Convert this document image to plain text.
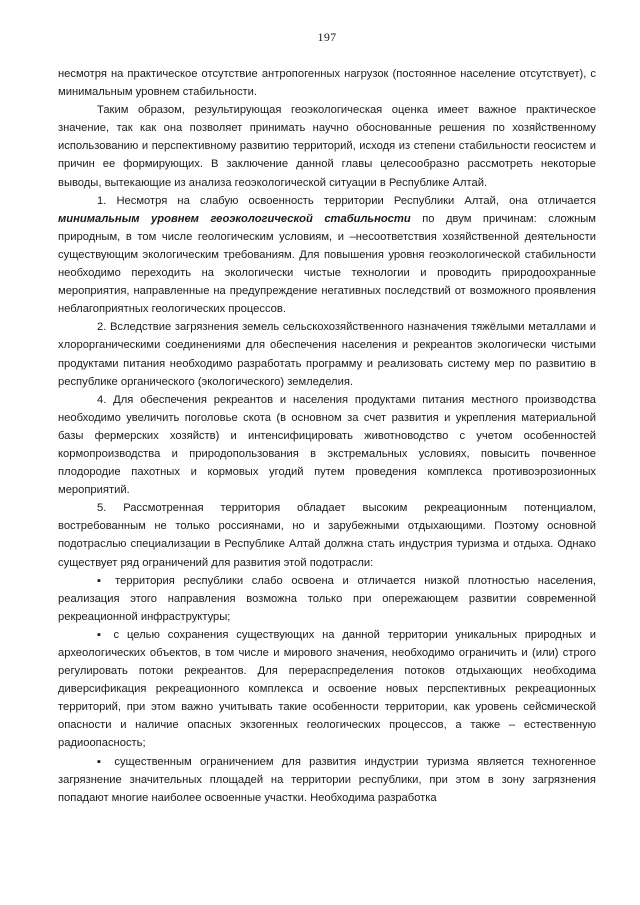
197

несмотря на практическое отсутствие антропогенных нагрузок (постоянное население отсутствует), с минимальным уровнем стабильности.

Таким образом, результирующая геоэкологическая оценка имеет важное практическое значение, так как она позволяет принимать научно обоснованные решения по хозяйственному использованию и перспективному развитию территорий, исходя из степени стабильности геосистем и причин ее формирующих. В заключение данной главы целесообразно рассмотреть некоторые выводы, вытекающие из анализа геоэкологической ситуации в Республике Алтай.

1. Несмотря на слабую освоенность территории Республики Алтай, она отличается минимальным уровнем геоэкологической стабильности по двум причинам: сложным природным, в том числе геологическим условиям, и –несоответствия хозяйственной деятельности существующим экологическим требованиям. Для повышения уровня геоэкологической стабильности необходимо переходить на экологически чистые технологии и проводить природоохранные мероприятия, направленные на предупреждение негативных последствий от возможного проявления неблагоприятных геологических процессов.

2. Вследствие загрязнения земель сельскохозяйственного назначения тяжёлыми металлами и хлорорганическими соединениями для обеспечения населения и рекреантов экологически чистыми продуктами питания необходимо разработать программу и реализовать систему мер по развитию в республике органического (экологического) земледелия.

4. Для обеспечения рекреантов и населения продуктами питания местного производства необходимо увеличить поголовье скота (в основном за счет развития и укрепления материальной базы фермерских хозяйств) и интенсифицировать животноводство с учетом особенностей кормопроизводства и природопользования в экстремальных условиях, повысить почвенное плодородие пахотных и кормовых угодий путем проведения комплекса противоэрозионных мероприятий.

5. Рассмотренная территория обладает высоким рекреационным потенциалом, востребованным не только россиянами, но и зарубежными отдыхающими. Поэтому основной подотраслью специализации в Республике Алтай должна стать индустрия туризма и отдыха. Однако существует ряд ограничений для развития этой подотрасли:

▪ территория республики слабо освоена и отличается низкой плотностью населения, реализация этого направления возможна только при опережающем развитии современной рекреационной инфраструктуры;

▪ с целью сохранения существующих на данной территории уникальных природных и археологических объектов, в том числе и мирового значения, необходимо ограничить и (или) строго регулировать потоки рекреантов. Для перераспределения потоков отдыхающих необходима диверсификация рекреационного комплекса и освоение новых перспективных рекреационных территорий, при этом важно учитывать такие особенности территории, как уровень сейсмической опасности и наличие опасных экзогенных геологических процессов, а также – естественную радиоопасность;

▪ существенным ограничением для развития индустрии туризма является техногенное загрязнение значительных площадей на территории республики, при этом в зону загрязнения попадают многие наиболее освоенные участки. Необходима разработка
